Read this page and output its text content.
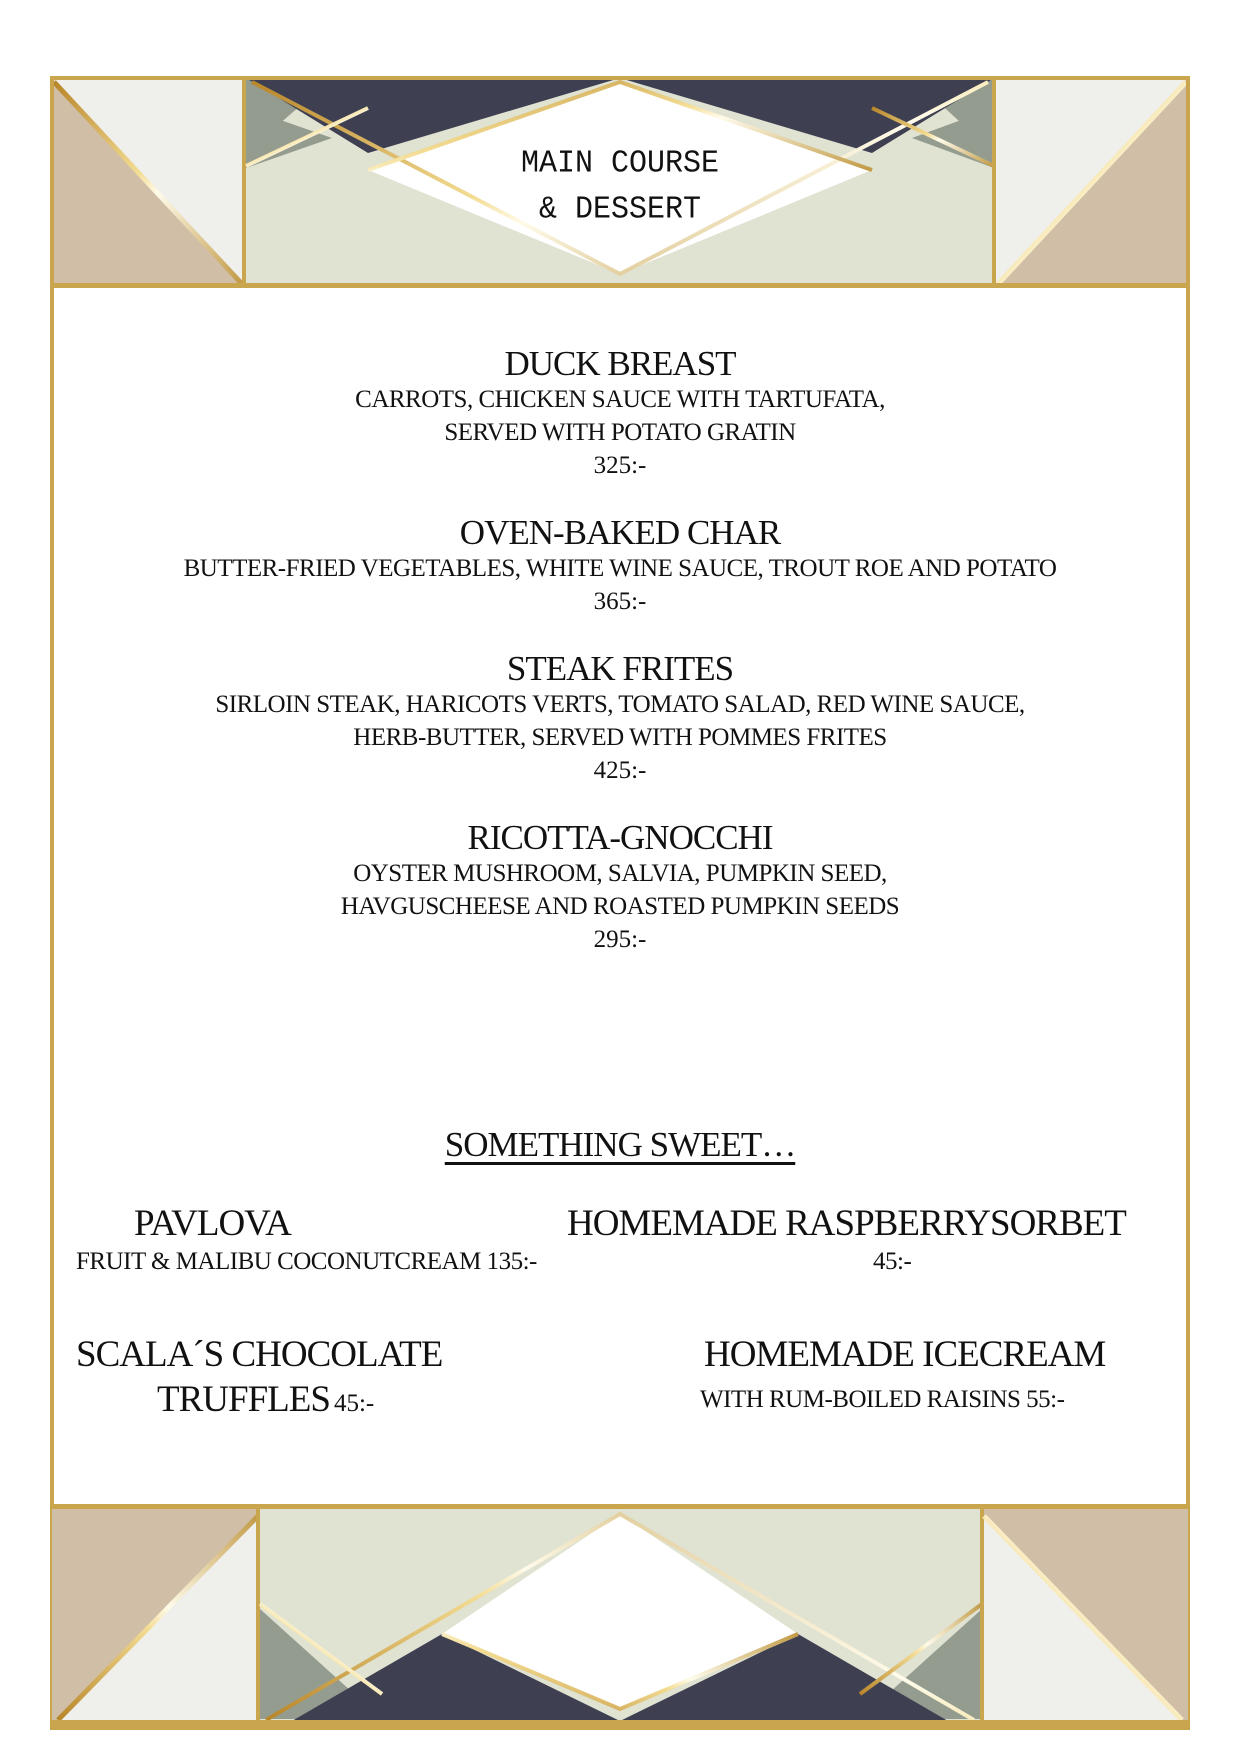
MAIN COURSE
& DESSERT

DUCK BREAST

CARROTS, CHICKEN SAUCE WITH TARTUFATA,

SERVED WITH POTATO GRATIN

325:-

OVEN-BAKED CHAR

BUTTER-FRIED VEGETABLES, WHITE WINE SAUCE, TROUT ROE AND POTATO

365:-

STEAK FRITES

SIRLOIN STEAK, HARICOTS VERTS, TOMATO SALAD, RED WINE SAUCE,

HERB-BUTTER, SERVED WITH POMMES FRITES

425:-

RICOTTA-GNOCCHI

OYSTER MUSHROOM, SALVIA, PUMPKIN SEED,

HAVGUSCHEESE AND ROASTED PUMPKIN SEEDS

295:-

SOMETHING SWEET…
PAVLOVA
FRUIT & MALIBU COCONUTCREAM 135:-
HOMEMADE RASPBERRYSORBET
45:-
SCALA´S CHOCOLATE
TRUFFLES 45:-
HOMEMADE ICECREAM
WITH RUM-BOILED RAISINS 55:-
